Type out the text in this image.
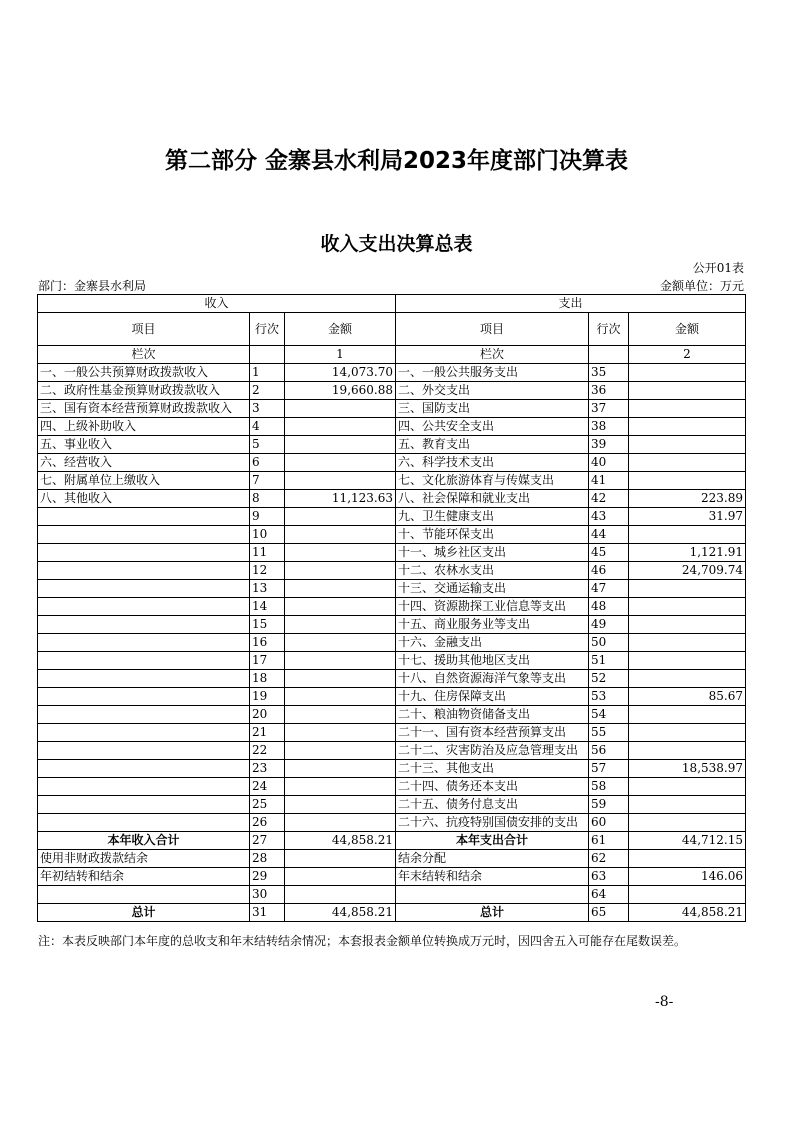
第二部分 金寨县水利局2023年度部门决算表
收入支出决算总表
公开01表
部门：金寨县水利局	金额单位：万元
收入			支出		
项目	行次	金额	项目	行次	金额
栏次		1	栏次		2
一、一般公共预算财政拨款收入	1	14,073.70	一、一般公共服务支出	35	
二、政府性基金预算财政拨款收入	2	19,660.88	二、外交支出	36	
三、国有资本经营预算财政拨款收入	3		三、国防支出	37	
四、上级补助收入	4		四、公共安全支出	38	
五、事业收入	5		五、教育支出	39	
六、经营收入	6		六、科学技术支出	40	
七、附属单位上缴收入	7		七、文化旅游体育与传媒支出	41	
八、其他收入	8	11,123.63	八、社会保障和就业支出	42	223.89
	9		九、卫生健康支出	43	31.97
	10		十、节能环保支出	44	
	11		十一、城乡社区支出	45	1,121.91
	12		十二、农林水支出	46	24,709.74
	13		十三、交通运输支出	47	
	14		十四、资源勘探工业信息等支出	48	
	15		十五、商业服务业等支出	49	
	16		十六、金融支出	50	
	17		十七、援助其他地区支出	51	
	18		十八、自然资源海洋气象等支出	52	
	19		十九、住房保障支出	53	85.67
	20		二十、粮油物资储备支出	54	
	21		二十一、国有资本经营预算支出	55	
	22		二十二、灾害防治及应急管理支出	56	
	23		二十三、其他支出	57	18,538.97
	24		二十四、债务还本支出	58	
	25		二十五、债务付息支出	59	
	26		二十六、抗疫特别国债安排的支出	60	
本年收入合计	27	44,858.21	本年支出合计	61	44,712.15
使用非财政拨款结余	28		结余分配	62	
年初结转和结余	29		年末结转和结余	63	146.06
	30			64	
总计	31	44,858.21	总计	65	44,858.21
注：本表反映部门本年度的总收支和年末结转结余情况；本套报表金额单位转换成万元时，因四舍五入可能存在尾数误差。
-8-
